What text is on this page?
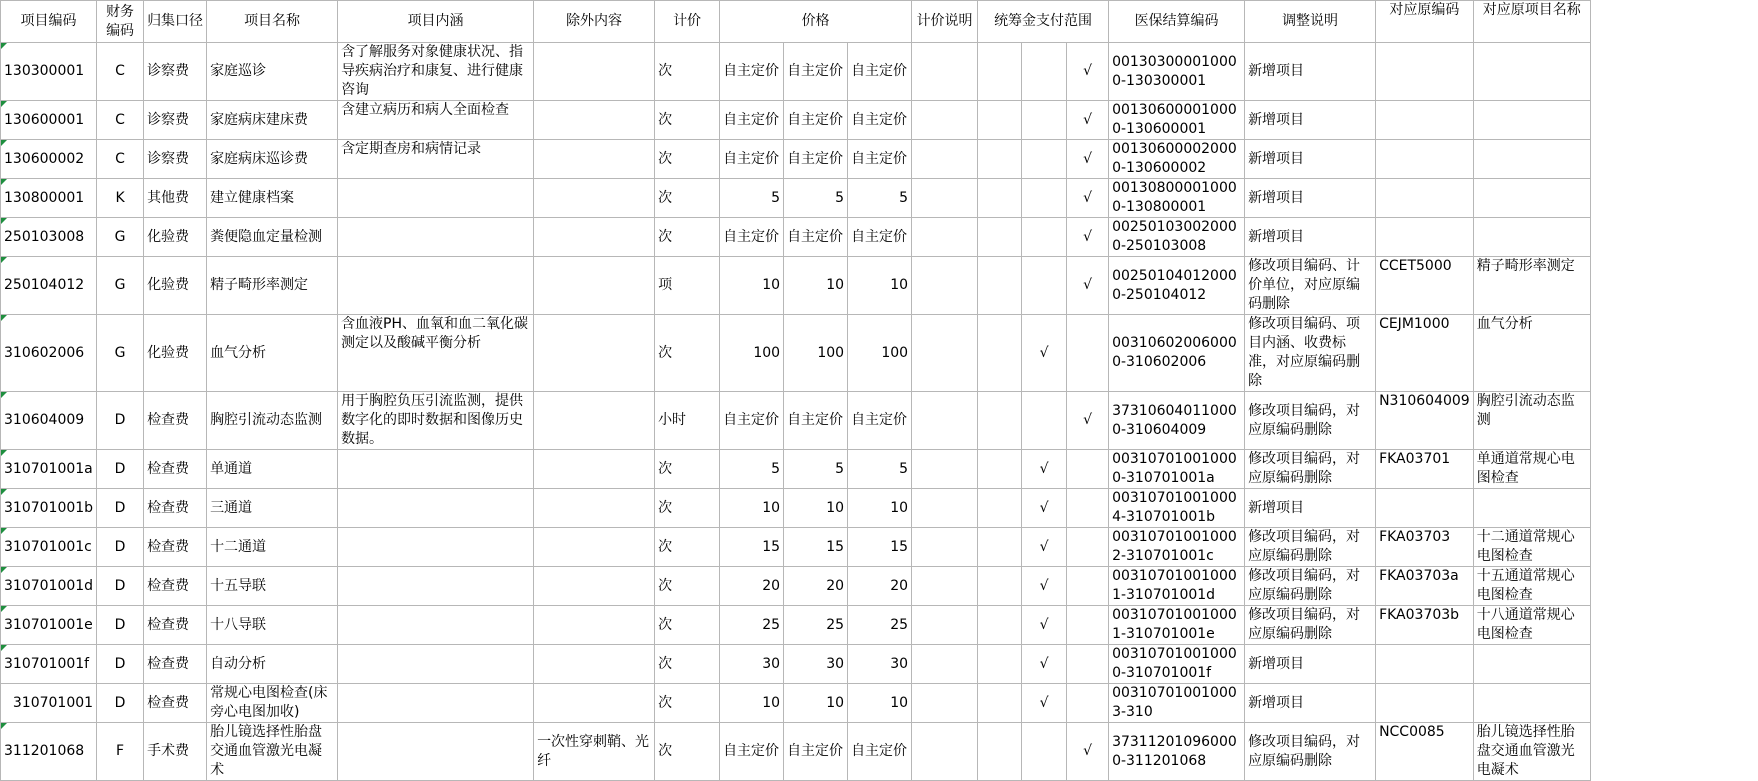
项目编码	财务编码	归集口径	项目名称	项目内涵	除外内容	计价	价格			计价说明	统筹金支付范围			医保结算编码	调整说明	对应原编码	对应原项目名称
130300001	C	诊察费	家庭巡诊	含了解服务对象健康状况、指导疾病治疗和康复、进行健康咨询		次	自主定价	自主定价	自主定价				√	001303000010000-130300001	新增项目		
130600001	C	诊察费	家庭病床建床费	含建立病历和病人全面检查		次	自主定价	自主定价	自主定价				√	001306000010000-130600001	新增项目		
130600002	C	诊察费	家庭病床巡诊费	含定期查房和病情记录		次	自主定价	自主定价	自主定价				√	001306000020000-130600002	新增项目		
130800001	K	其他费	建立健康档案			次	5	5	5				√	001308000010000-130800001	新增项目		
250103008	G	化验费	粪便隐血定量检测			次	自主定价	自主定价	自主定价				√	002501030020000-250103008	新增项目		
250104012	G	化验费	精子畸形率测定			项	10	10	10				√	002501040120000-250104012	修改项目编码、计价单位，对应原编码删除	CCET5000	精子畸形率测定
310602006	G	化验费	血气分析	含血液PH、血氧和血二氧化碳测定以及酸碱平衡分析		次	100	100	100			√		003106020060000-310602006	修改项目编码、项目内涵、收费标准，对应原编码删除	CEJM1000	血气分析
310604009	D	检查费	胸腔引流动态监测	用于胸腔负压引流监测，提供数字化的即时数据和图像历史数据。		小时	自主定价	自主定价	自主定价				√	373106040110000-310604009	修改项目编码，对应原编码删除	N310604009	胸腔引流动态监测
310701001a	D	检查费	单通道			次	5	5	5			√		003107010010000-310701001a	修改项目编码，对应原编码删除	FKA03701	单通道常规心电图检查
310701001b	D	检查费	三通道			次	10	10	10			√		003107010010004-310701001b	新增项目		
310701001c	D	检查费	十二通道			次	15	15	15			√		003107010010002-310701001c	修改项目编码，对应原编码删除	FKA03703	十二通道常规心电图检查
310701001d	D	检查费	十五导联			次	20	20	20			√		003107010010001-310701001d	修改项目编码，对应原编码删除	FKA03703a	十五通道常规心电图检查
310701001e	D	检查费	十八导联			次	25	25	25			√		003107010010001-310701001e	修改项目编码，对应原编码删除	FKA03703b	十八通道常规心电图检查
310701001f	D	检查费	自动分析			次	30	30	30			√		003107010010000-310701001f	新增项目		
310701001	D	检查费	常规心电图检查(床旁心电图加收)			次	10	10	10			√		003107010010003-310	新增项目		
311201068	F	手术费	胎儿镜选择性胎盘交通血管激光电凝术		一次性穿刺鞘、光纤	次	自主定价	自主定价	自主定价				√	373112010960000-311201068	修改项目编码，对应原编码删除	NCC0085	胎儿镜选择性胎盘交通血管激光电凝术
